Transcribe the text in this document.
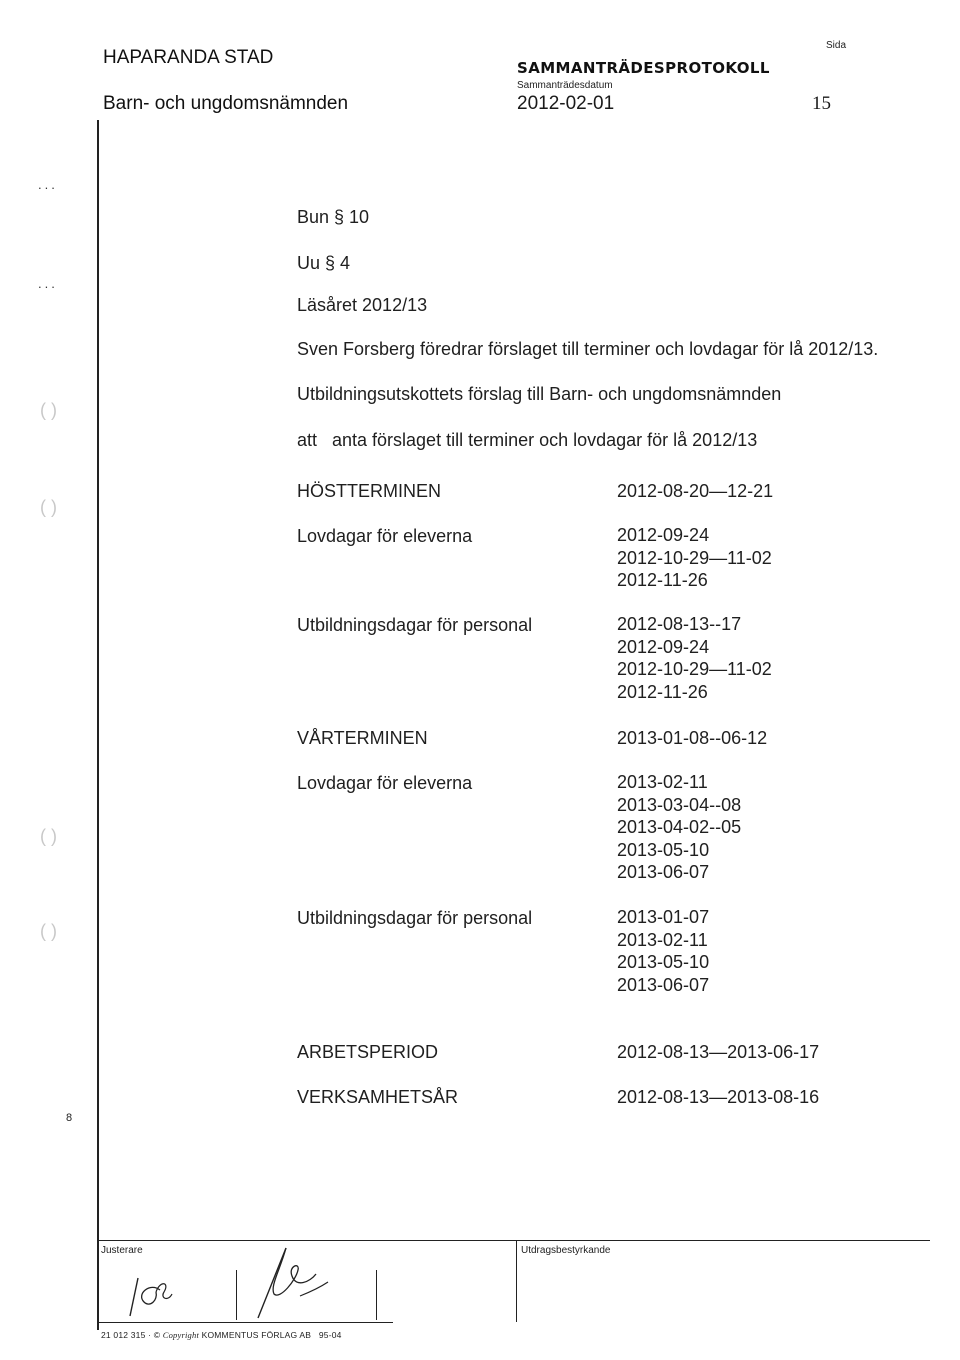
HAPARANDA STAD
Barn- och ungdomsnämnden
SAMMANTRÄDESPROTOKOLL
Sammanträdesdatum
2012-02-01
Sida
15
...
...
( )
( )
( )
( )
8
Bun § 10
Uu § 4
Läsåret 2012/13
Sven Forsberg föredrar förslaget till terminer och lovdagar för lå 2012/13.
Utbildningsutskottets förslag till Barn- och ungdomsnämnden
att anta förslaget till terminer och lovdagar för lå 2012/13
HÖSTTERMINEN	2012-08-20—12-21
Lovdagar för eleverna	2012-09-24
2012-10-29—11-02
2012-11-26
Utbildningsdagar för personal	2012-08-13--17
2012-09-24
2012-10-29—11-02
2012-11-26
VÅRTERMINEN	2013-01-08--06-12
Lovdagar för eleverna	2013-02-11
2013-03-04--08
2013-04-02--05
2013-05-10
2013-06-07
Utbildningsdagar för personal	2013-01-07
2013-02-11
2013-05-10
2013-06-07
ARBETSPERIOD	2012-08-13—2013-06-17
VERKSAMHETSÅR	2012-08-13—2013-08-16
Justerare	Utdragsbestyrkande
21 012 315 · © Copyright KOMMENTUS FÖRLAG AB 95-04
